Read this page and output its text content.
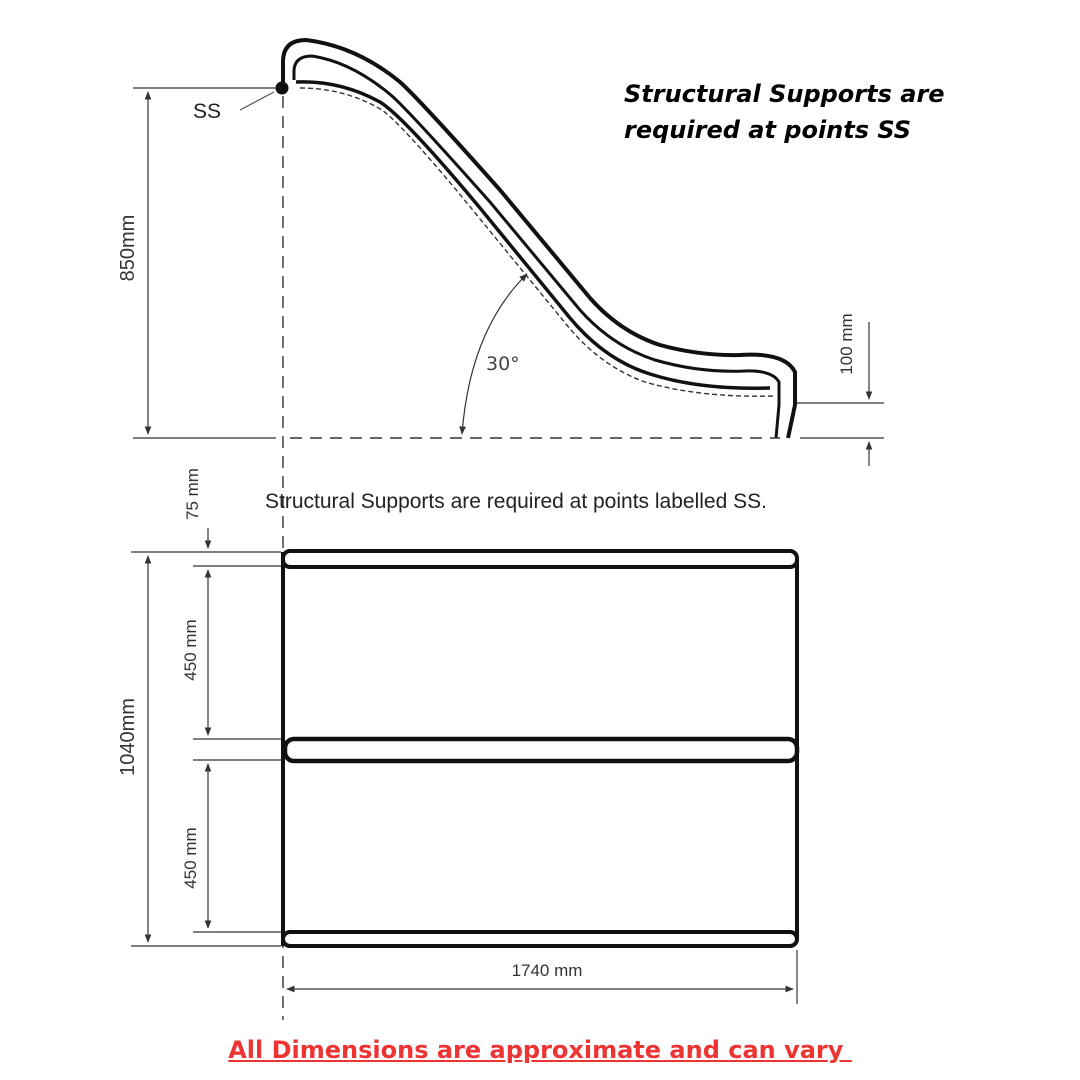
SS
850mm
100 mm
30°
Structural Supports are required at points labelled SS.
1040mm
75 mm
450 mm
450 mm
1740 mm
Structural Supports are
required at points SS
All Dimensions are approximate and can vary
